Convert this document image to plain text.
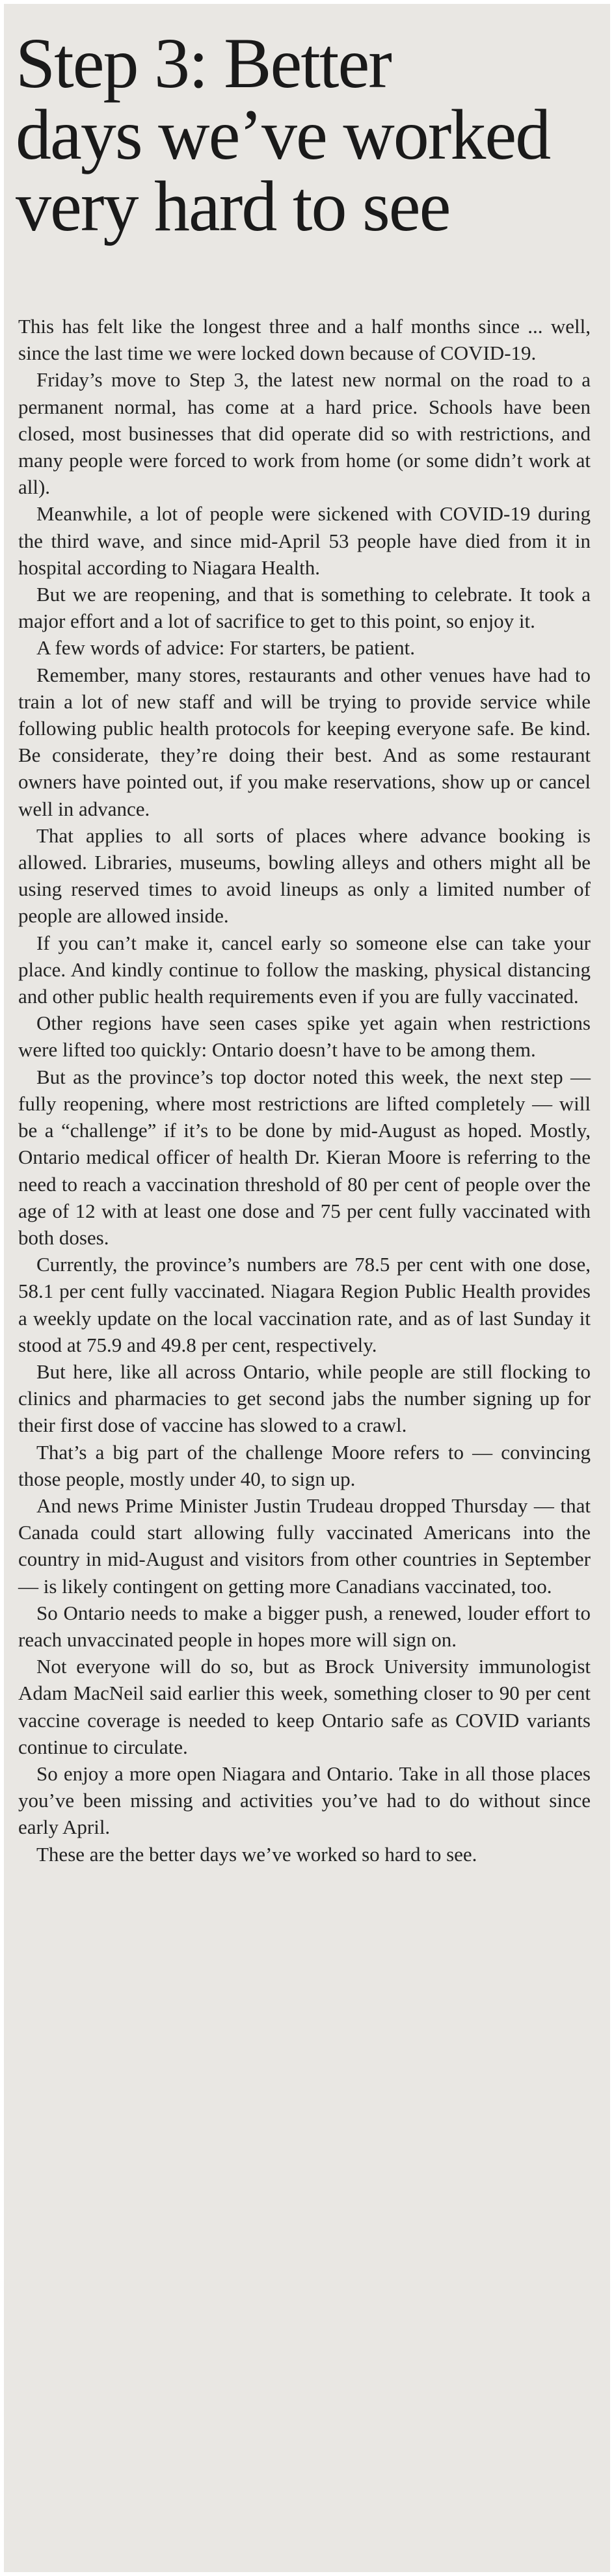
Step 3: Better
days we’ve worked
very hard to see

This has felt like the longest three and a half months since ... well, since the last time we were locked down because of COVID-19.

Friday’s move to Step 3, the latest new normal on the road to a permanent normal, has come at a hard price. Schools have been closed, most businesses that did operate did so with restrictions, and many people were forced to work from home (or some didn’t work at all).

Meanwhile, a lot of people were sickened with COVID-19 during the third wave, and since mid-April 53 people have died from it in hospital according to Niagara Health.

But we are reopening, and that is something to celebrate. It took a major effort and a lot of sacrifice to get to this point, so enjoy it.

A few words of advice: For starters, be patient.

Remember, many stores, restaurants and other venues have had to train a lot of new staff and will be trying to provide service while following public health protocols for keeping everyone safe. Be kind. Be considerate, they’re doing their best. And as some restaurant owners have pointed out, if you make reservations, show up or cancel well in advance.

That applies to all sorts of places where advance booking is allowed. Libraries, museums, bowling alleys and others might all be using reserved times to avoid lineups as only a limited number of people are allowed inside.

If you can’t make it, cancel early so someone else can take your place. And kindly continue to follow the masking, physical distancing and other public health requirements even if you are fully vaccinated.

Other regions have seen cases spike yet again when restrictions were lifted too quickly: Ontario doesn’t have to be among them.

But as the province’s top doctor noted this week, the next step — fully reopening, where most restrictions are lifted completely — will be a “challenge” if it’s to be done by mid-August as hoped. Mostly, Ontario medical officer of health Dr. Kieran Moore is referring to the need to reach a vaccination threshold of 80 per cent of people over the age of 12 with at least one dose and 75 per cent fully vaccinated with both doses.

Currently, the province’s numbers are 78.5 per cent with one dose, 58.1 per cent fully vaccinated. Niagara Region Public Health provides a weekly update on the local vaccination rate, and as of last Sunday it stood at 75.9 and 49.8 per cent, respectively.

But here, like all across Ontario, while people are still flocking to clinics and pharmacies to get second jabs the number signing up for their first dose of vaccine has slowed to a crawl.

That’s a big part of the challenge Moore refers to — convincing those people, mostly under 40, to sign up.

And news Prime Minister Justin Trudeau dropped Thursday — that Canada could start allowing fully vaccinated Americans into the country in mid-August and visitors from other countries in September — is likely contingent on getting more Canadians vaccinated, too.

So Ontario needs to make a bigger push, a renewed, louder effort to reach unvaccinated people in hopes more will sign on.

Not everyone will do so, but as Brock University immunologist Adam MacNeil said earlier this week, something closer to 90 per cent vaccine coverage is needed to keep Ontario safe as COVID variants continue to circulate.

So enjoy a more open Niagara and Ontario. Take in all those places you’ve been missing and activities you’ve had to do without since early April.

These are the better days we’ve worked so hard to see.
